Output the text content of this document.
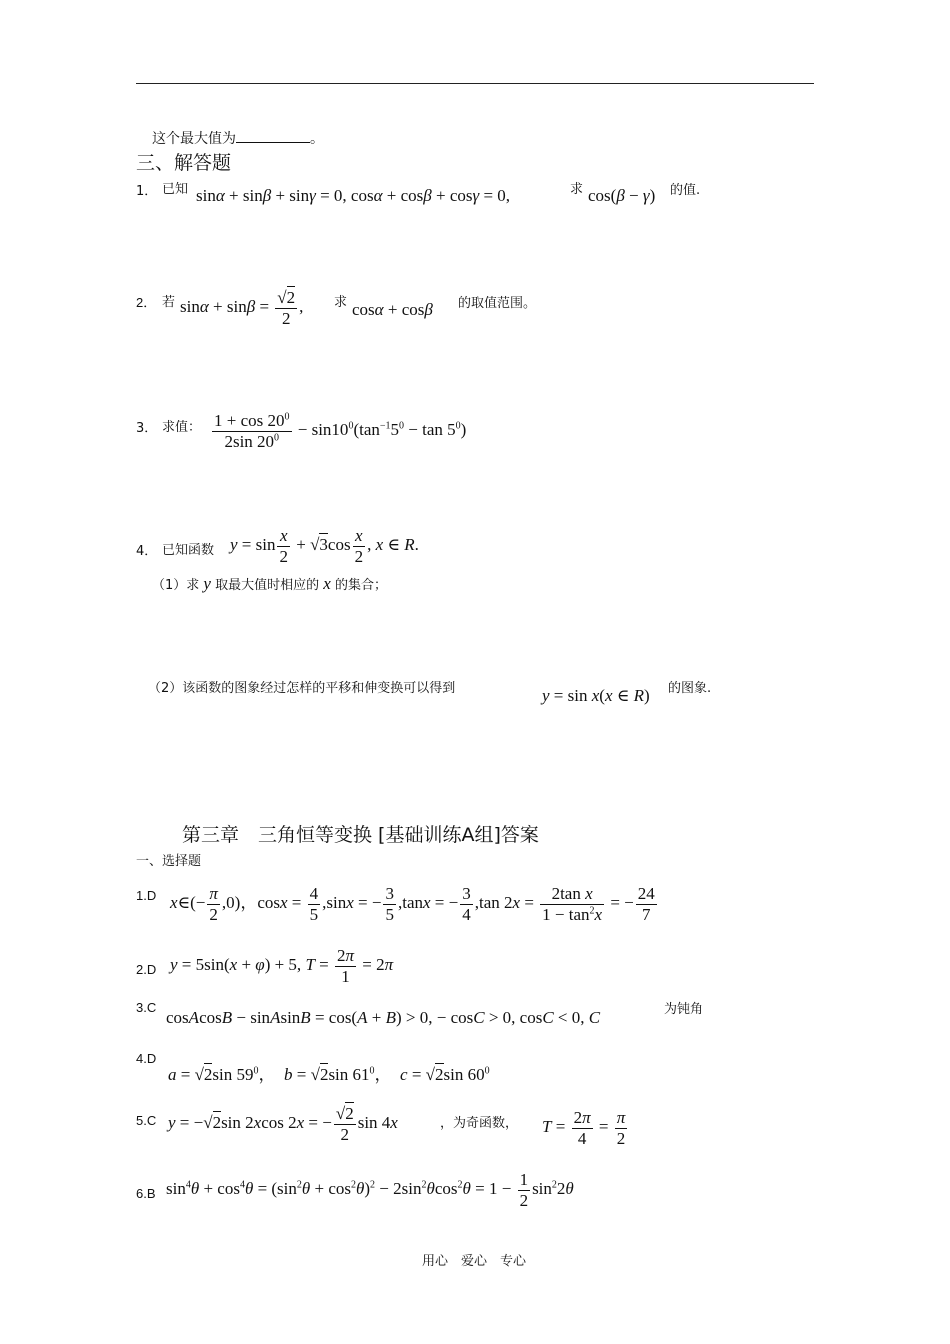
这个最大值为	。
三、解答题
1． 已知 sinα + sinβ + sinγ = 0, cosα + cosβ + cosγ = 0,	求 cos(β − γ) 的值.
2． 若 $\sin\alpha + \sin\beta = \frac{√2}{2}$ , 求 cosα + cosβ 的取值范围。
3． 求值： $\frac{1 + \cos 20^0}{2\sin 20^0} - \sin 10^0(\tan^{-1}5^0 - \tan 5^0)$
4． 已知函数 $y = \sin \frac{x}{2} + √3\cos \frac{x}{2}$ , x ∈ R.
（1）求 y 取最大值时相应的 x 的集合；
（2）该函数的图象经过怎样的平移和伸变换可以得到	y = sin x(x ∈ R) 的图象.
第三章　三角恒等变换 [基础训练A组]答案
一、选择题
1.D x∈(− $\frac{\pi}{2} ,0$)，$\cos x = \frac{4}{5} ,\sin x$ = − $\frac{3}{5} ,\tan x$ = − $\frac{3}{4} ,\tan$ $2x = \frac{\text{2tan x}}{1 - \tan^2x}$ = − $\frac{24}{7}$
2.D y = 5sin(x + φ) + 5, $T = \frac{2\pi}{1} = 2\pi$
3.C
cosAcosB − sinAsinB = cos(A + B) > 0, − cosC > 0, cosC < 0, C	为钝角
4.D
a = √2sin $59^0$，　b = √2sin $61^0$，　c = √2sin $60^0$
5.C y = −√2sin 2xcos 2x = − $\frac{√2}{2}$ sin 4x	，为奇函数， $T = \frac{2\pi}{4} = \frac{\pi}{2}$
6.B $\sin^4\theta + \cos^4\theta = (\sin^2\theta + \cos^2\theta)^2 - 2\sin^2\theta\cos^2\theta = 1 - \frac{1}{2} \sin^22\theta$
用心　爱心　专心
